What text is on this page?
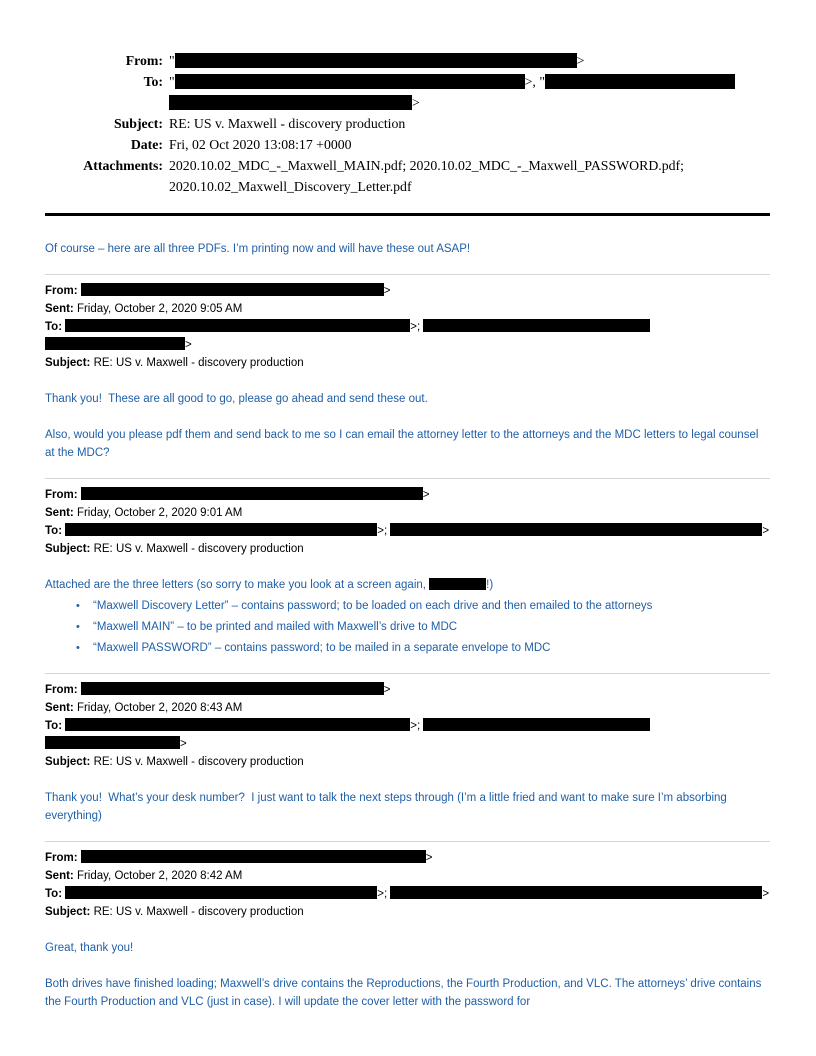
From: "	>
To: "	>, "
>
Subject: RE: US v. Maxwell - discovery production
Date: Fri, 02 Oct 2020 13:08:17 +0000
Attachments: 2020.10.02_MDC_-_Maxwell_MAIN.pdf; 2020.10.02_MDC_-_Maxwell_PASSWORD.pdf; 2020.10.02_Maxwell_Discovery_Letter.pdf

Of course – here are all three PDFs. I’m printing now and will have these out ASAP!

From:	>
Sent: Friday, October 2, 2020 9:05 AM
To:	>;
>
Subject: RE: US v. Maxwell - discovery production

Thank you!  These are all good to go, please go ahead and send these out.

Also, would you please pdf them and send back to me so I can email the attorney letter to the attorneys and the MDC letters to legal counsel at the MDC?

From:	>
Sent: Friday, October 2, 2020 9:01 AM
To:	>;	>
Subject: RE: US v. Maxwell - discovery production

Attached are the three letters (so sorry to make you look at a screen again,	!)

• “Maxwell Discovery Letter” – contains password; to be loaded on each drive and then emailed to the attorneys
• “Maxwell MAIN” – to be printed and mailed with Maxwell’s drive to MDC
• “Maxwell PASSWORD” – contains password; to be mailed in a separate envelope to MDC
From:	>
Sent: Friday, October 2, 2020 8:43 AM
To:	>;
>
Subject: RE: US v. Maxwell - discovery production

Thank you!  What’s your desk number?  I just want to talk the next steps through (I’m a little fried and want to make sure I’m absorbing everything)

From:	>
Sent: Friday, October 2, 2020 8:42 AM
To:	>;	>
Subject: RE: US v. Maxwell - discovery production

Great, thank you!

Both drives have finished loading; Maxwell’s drive contains the Reproductions, the Fourth Production, and VLC. The attorneys’ drive contains the Fourth Production and VLC (just in case). I will update the cover letter with the password for
